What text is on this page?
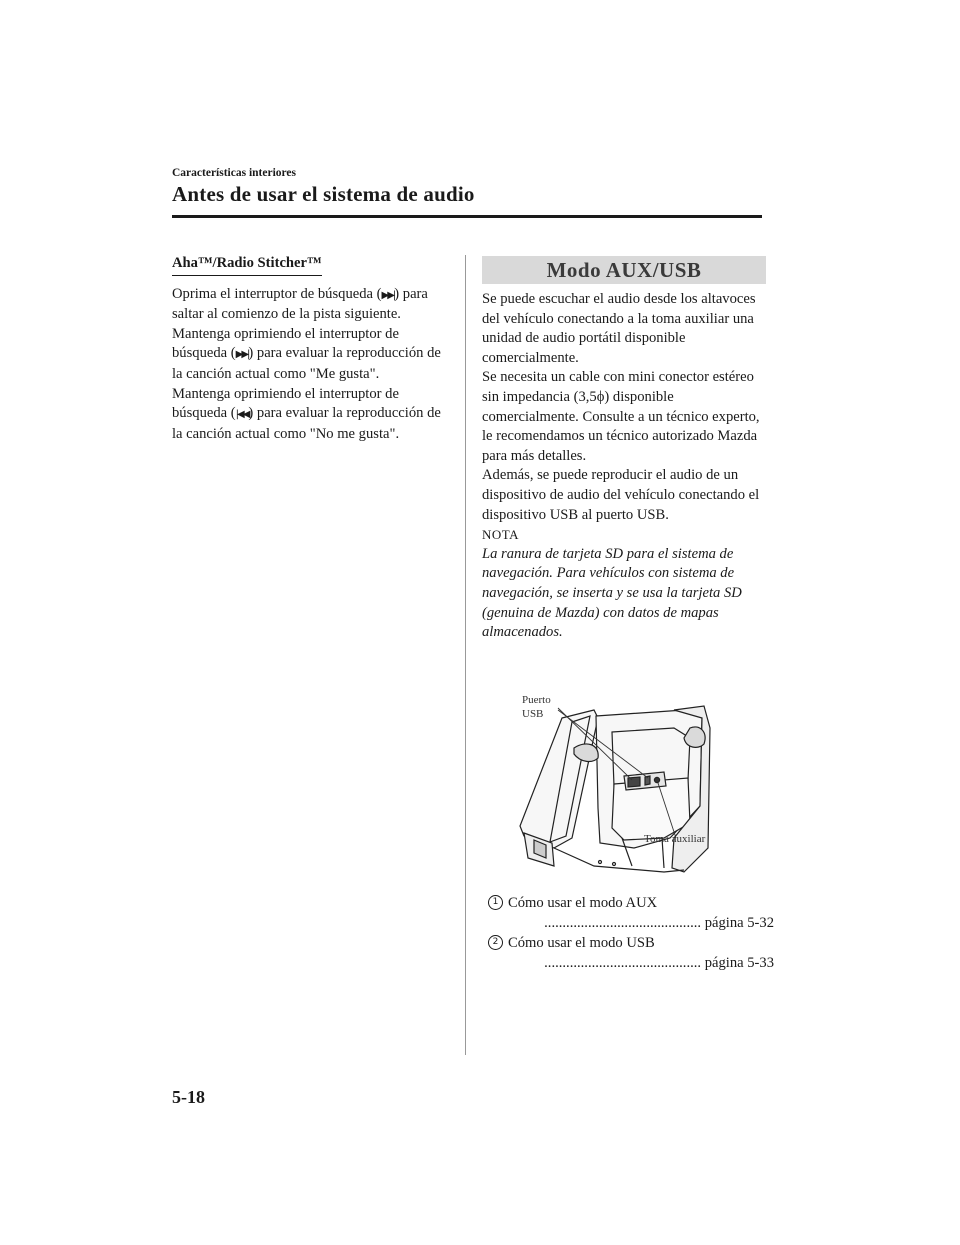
Características interiores
Antes de usar el sistema de audio
Aha™/Radio Stitcher™

Oprima el interruptor de búsqueda (▶▶|) para saltar al comienzo de la pista siguiente.

Mantenga oprimiendo el interruptor de búsqueda (▶▶|) para evaluar la reproducción de la canción actual como "Me gusta".

Mantenga oprimiendo el interruptor de búsqueda (|◀◀) para evaluar la reproducción de la canción actual como "No me gusta".

Modo AUX/USB

Se puede escuchar el audio desde los altavoces del vehículo conectando a la toma auxiliar una unidad de audio portátil disponible comercialmente.

Se necesita un cable con mini conector estéreo sin impedancia (3,5ϕ) disponible comercialmente. Consulte a un técnico experto, le recomendamos un técnico autorizado Mazda para más detalles.

Además, se puede reproducir el audio de un dispositivo de audio del vehículo conectando el dispositivo USB al puerto USB.

NOTA

La ranura de tarjeta SD para el sistema de navegación. Para vehículos con sistema de navegación, se inserta y se usa la tarjeta SD (genuina de Mazda) con datos de mapas almacenados.

Puerto
USB
Toma auxiliar
1 Cómo usar el modo AUX
........................................... página 5-32
2 Cómo usar el modo USB
........................................... página 5-33
5-18
